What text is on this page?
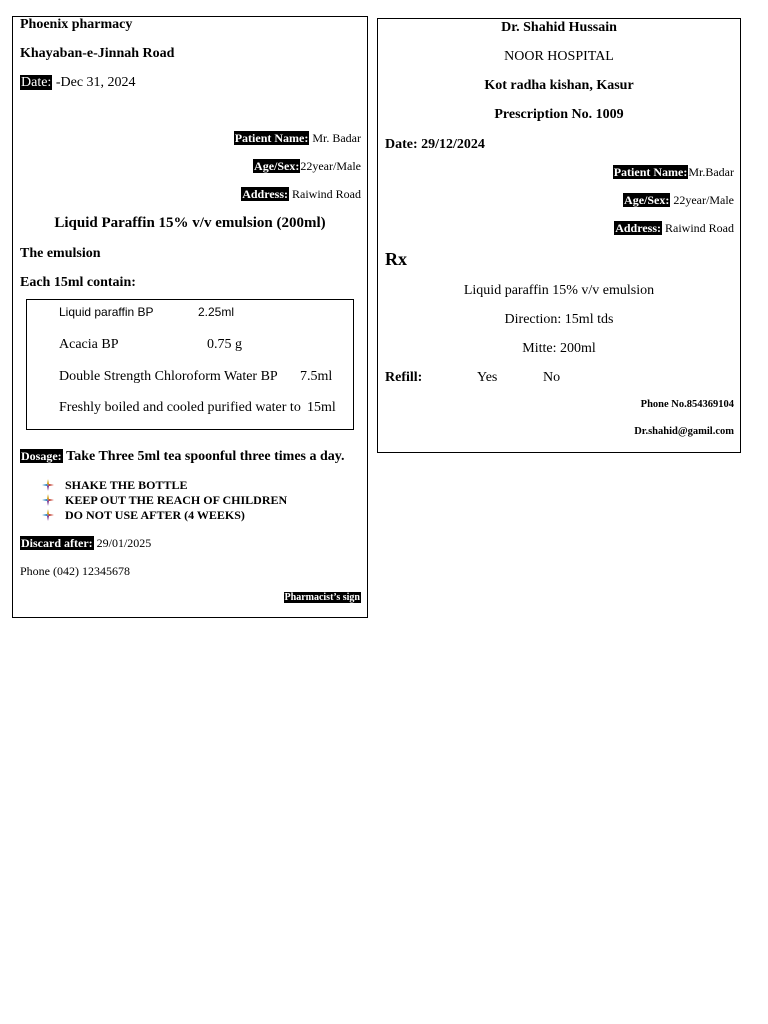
Phoenix pharmacy
Khayaban-e-Jinnah Road
Date: -Dec 31, 2024
Patient Name: Mr. Badar
Age/Sex:22year/Male
Address: Raiwind Road
Liquid Paraffin 15% v/v emulsion (200ml)
The emulsion
Each 15ml contain:
Liquid paraffin BP	2.25ml
Acacia BP	0.75 g
Double Strength Chloroform Water BP 7.5ml
Freshly boiled and cooled purified water to 15ml
Dosage: Take Three 5ml tea spoonful three times a day.
SHAKE THE BOTTLE
KEEP OUT THE REACH OF CHILDREN
DO NOT USE AFTER (4 WEEKS)
Discard after: 29/01/2025
Phone (042) 12345678
Pharmacist’s sign
Dr. Shahid Hussain
NOOR HOSPITAL
Kot radha kishan, Kasur
Prescription No. 1009
Date: 29/12/2024
Patient Name:Mr.Badar
Age/Sex: 22year/Male
Address: Raiwind Road
Rx
Liquid paraffin 15% v/v emulsion
Direction: 15ml tds
Mitte: 200ml
Refill:	Yes	No
Phone No.854369104
Dr.shahid@gamil.com
